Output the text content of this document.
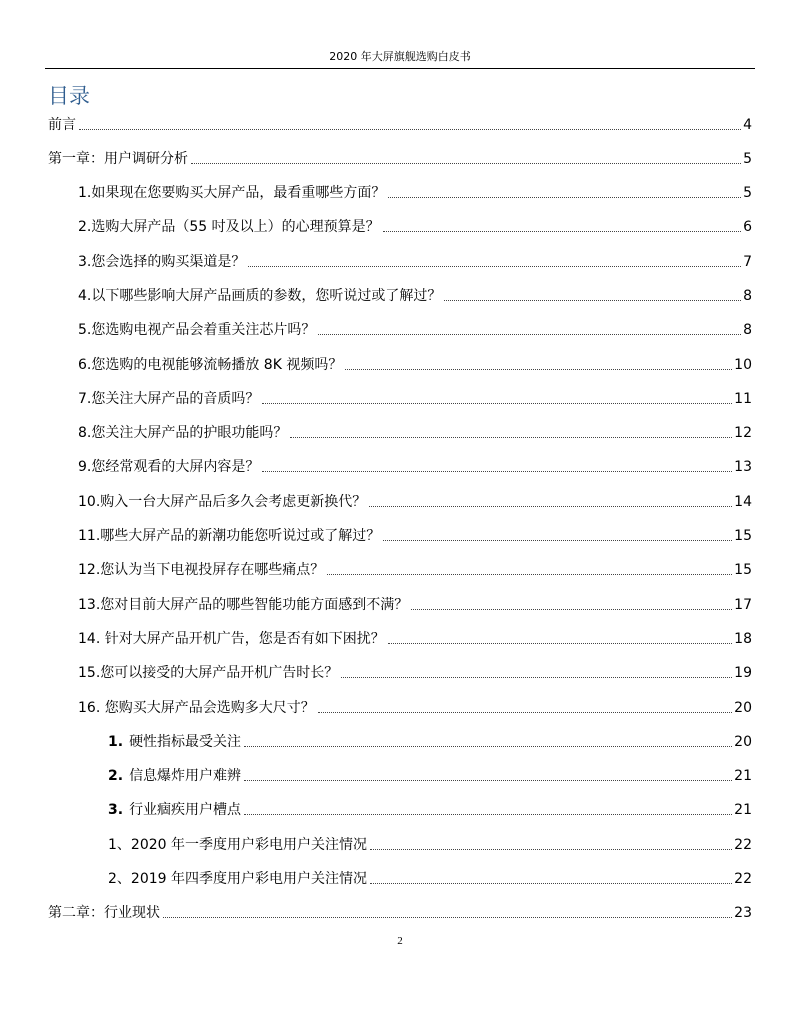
2020 年大屏旗舰选购白皮书
目录
前言	4
第一章：用户调研分析	5
1.如果现在您要购买大屏产品，最看重哪些方面？	5
2.选购大屏产品（55 吋及以上）的心理预算是？	6
3.您会选择的购买渠道是？	7
4.以下哪些影响大屏产品画质的参数，您听说过或了解过？	8
5.您选购电视产品会着重关注芯片吗？	8
6.您选购的电视能够流畅播放 8K 视频吗？	10
7.您关注大屏产品的音质吗？	11
8.您关注大屏产品的护眼功能吗？	12
9.您经常观看的大屏内容是？	13
10.购入一台大屏产品后多久会考虑更新换代？	14
11.哪些大屏产品的新潮功能您听说过或了解过？	15
12.您认为当下电视投屏存在哪些痛点？	15
13.您对目前大屏产品的哪些智能功能方面感到不满？	17
14. 针对大屏产品开机广告，您是否有如下困扰？	18
15.您可以接受的大屏产品开机广告时长？	19
16. 您购买大屏产品会选购多大尺寸？	20
1. 硬性指标最受关注	20
2. 信息爆炸用户难辨	21
3. 行业痼疾用户槽点	21
1、2020 年一季度用户彩电用户关注情况	22
2、2019 年四季度用户彩电用户关注情况	22
第二章：行业现状	23
2
